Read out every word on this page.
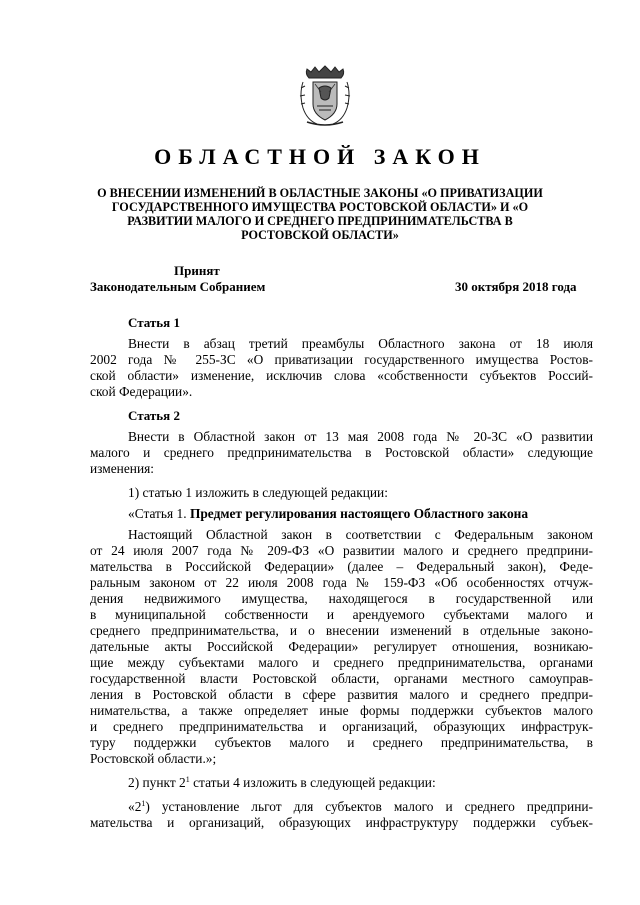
ОБЛАСТНОЙ ЗАКОН
О ВНЕСЕНИИ ИЗМЕНЕНИЙ В ОБЛАСТНЫЕ ЗАКОНЫ «О ПРИВАТИЗАЦИИ
ГОСУДАРСТВЕННОГО ИМУЩЕСТВА РОСТОВСКОЙ ОБЛАСТИ» И «О
РАЗВИТИИ МАЛОГО И СРЕДНЕГО ПРЕДПРИНИМАТЕЛЬСТВА В
РОСТОВСКОЙ ОБЛАСТИ»
Принят
Законодательным Собранием	30 октября 2018 года
Статья 1
Внести в абзац третий преамбулы Областного закона от 18 июля
2002 года № 255-ЗС «О приватизации государственного имущества Ростов-
ской области» изменение, исключив слова «собственности субъектов Россий-
ской Федерации».
Статья 2
Внести в Областной закон от 13 мая 2008 года № 20-ЗС «О развитии
малого и среднего предпринимательства в Ростовской области» следующие
изменения:
1) статью 1 изложить в следующей редакции:
«Статья 1. Предмет регулирования настоящего Областного закона
Настоящий Областной закон в соответствии с Федеральным законом
от 24 июля 2007 года № 209-ФЗ «О развитии малого и среднего предприни-
мательства в Российской Федерации» (далее – Федеральный закон), Феде-
ральным законом от 22 июля 2008 года № 159-ФЗ «Об особенностях отчуж-
дения недвижимого имущества, находящегося в государственной или
в муниципальной собственности и арендуемого субъектами малого и
среднего предпринимательства, и о внесении изменений в отдельные законо-
дательные акты Российской Федерации» регулирует отношения, возникаю-
щие между субъектами малого и среднего предпринимательства, органами
государственной власти Ростовской области, органами местного самоуправ-
ления в Ростовской области в сфере развития малого и среднего предпри-
нимательства, а также определяет иные формы поддержки субъектов малого
и среднего предпринимательства и организаций, образующих инфраструк-
туру поддержки субъектов малого и среднего предпринимательства, в
Ростовской области.»;
2) пункт $2^1$ статьи 4 изложить в следующей редакции:
«$2^1$) установление льгот для субъектов малого и среднего предприни-
мательства и организаций, образующих инфраструктуру поддержки субъек-
